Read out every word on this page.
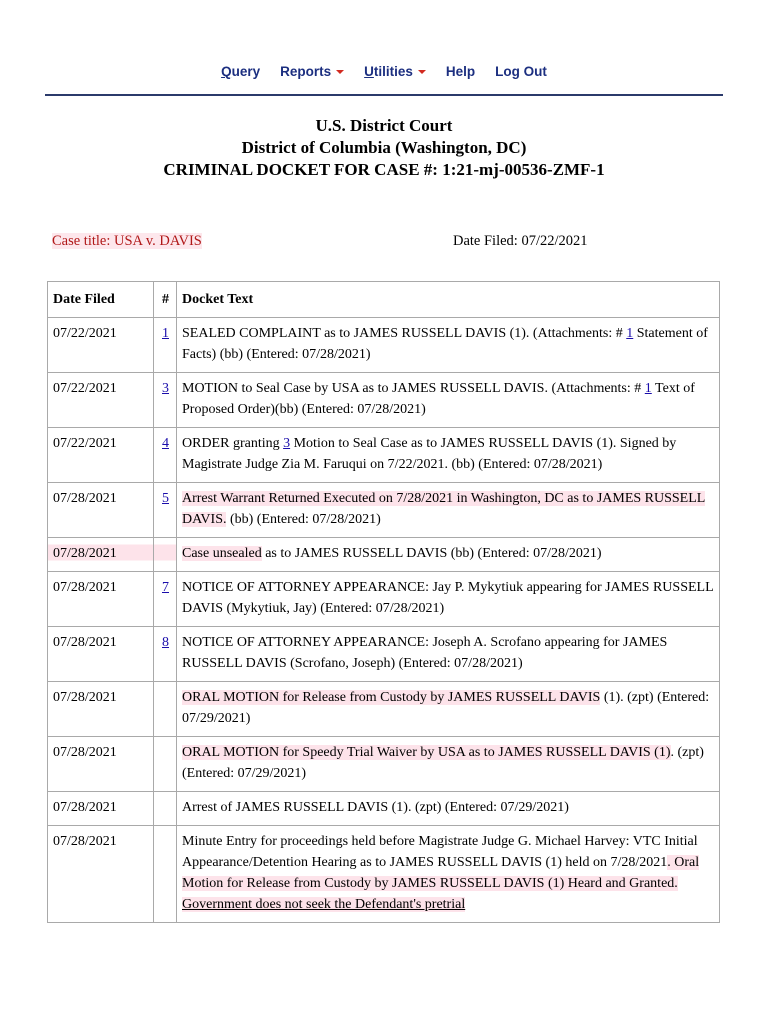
Query	Reports	Utilities	Help	Log Out
U.S. District Court
District of Columbia (Washington, DC)
CRIMINAL DOCKET FOR CASE #: 1:21-mj-00536-ZMF-1
Case title: USA v. DAVIS	Date Filed: 07/22/2021
Date Filed	#	Docket Text
07/22/2021	1	SEALED COMPLAINT as to JAMES RUSSELL DAVIS (1). (Attachments: # 1 Statement of Facts) (bb) (Entered: 07/28/2021)
07/22/2021	3	MOTION to Seal Case by USA as to JAMES RUSSELL DAVIS. (Attachments: # 1 Text of Proposed Order)(bb) (Entered: 07/28/2021)
07/22/2021	4	ORDER granting 3 Motion to Seal Case as to JAMES RUSSELL DAVIS (1). Signed by Magistrate Judge Zia M. Faruqui on 7/22/2021. (bb) (Entered: 07/28/2021)
07/28/2021	5	Arrest Warrant Returned Executed on 7/28/2021 in Washington, DC as to JAMES RUSSELL DAVIS. (bb) (Entered: 07/28/2021)
07/28/2021		Case unsealed as to JAMES RUSSELL DAVIS (bb) (Entered: 07/28/2021)
07/28/2021	7	NOTICE OF ATTORNEY APPEARANCE: Jay P. Mykytiuk appearing for JAMES RUSSELL DAVIS (Mykytiuk, Jay) (Entered: 07/28/2021)
07/28/2021	8	NOTICE OF ATTORNEY APPEARANCE: Joseph A. Scrofano appearing for JAMES RUSSELL DAVIS (Scrofano, Joseph) (Entered: 07/28/2021)
07/28/2021		ORAL MOTION for Release from Custody by JAMES RUSSELL DAVIS (1). (zpt) (Entered: 07/29/2021)
07/28/2021		ORAL MOTION for Speedy Trial Waiver by USA as to JAMES RUSSELL DAVIS (1). (zpt) (Entered: 07/29/2021)
07/28/2021		Arrest of JAMES RUSSELL DAVIS (1). (zpt) (Entered: 07/29/2021)
07/28/2021		Minute Entry for proceedings held before Magistrate Judge G. Michael Harvey: VTC Initial Appearance/Detention Hearing as to JAMES RUSSELL DAVIS (1) held on 7/28/2021. Oral Motion for Release from Custody by JAMES RUSSELL DAVIS (1) Heard and Granted. Government does not seek the Defendant's pretrial
